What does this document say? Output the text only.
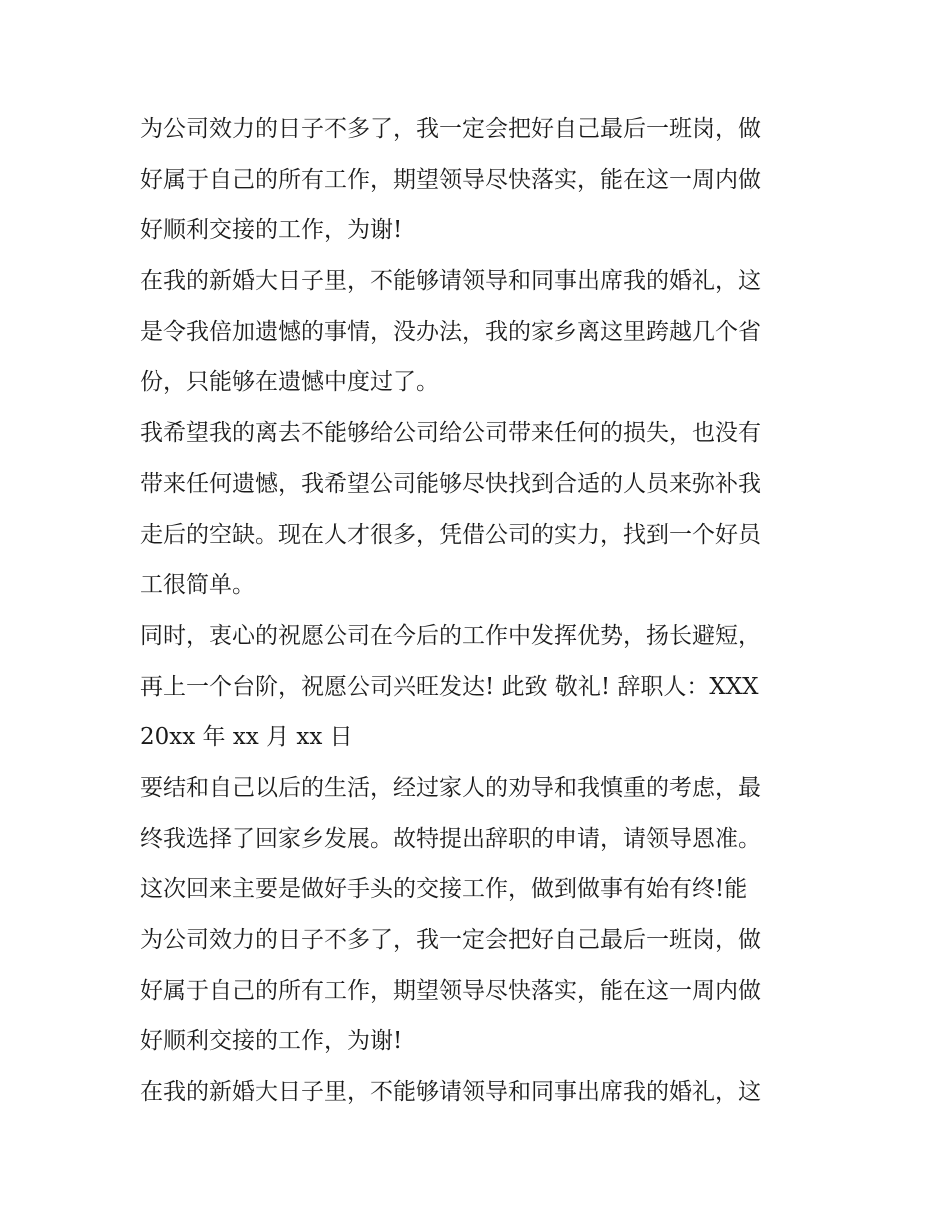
为公司效力的日子不多了，我一定会把好自己最后一班岗，做
好属于自己的所有工作，期望领导尽快落实，能在这一周内做
好顺利交接的工作，为谢!
在我的新婚大日子里，不能够请领导和同事出席我的婚礼，这
是令我倍加遗憾的事情，没办法，我的家乡离这里跨越几个省
份，只能够在遗憾中度过了。
我希望我的离去不能够给公司给公司带来任何的损失，也没有
带来任何遗憾，我希望公司能够尽快找到合适的人员来弥补我
走后的空缺。现在人才很多，凭借公司的实力，找到一个好员
工很简单。
同时，衷心的祝愿公司在今后的工作中发挥优势，扬长避短，
再上一个台阶，祝愿公司兴旺发达! 此致 敬礼! 辞职人：XXX
20xx 年 xx 月 xx 日
要结和自己以后的生活，经过家人的劝导和我慎重的考虑，最
终我选择了回家乡发展。故特提出辞职的申请，请领导恩准。
这次回来主要是做好手头的交接工作，做到做事有始有终!能
为公司效力的日子不多了，我一定会把好自己最后一班岗，做
好属于自己的所有工作，期望领导尽快落实，能在这一周内做
好顺利交接的工作，为谢!
在我的新婚大日子里，不能够请领导和同事出席我的婚礼，这
